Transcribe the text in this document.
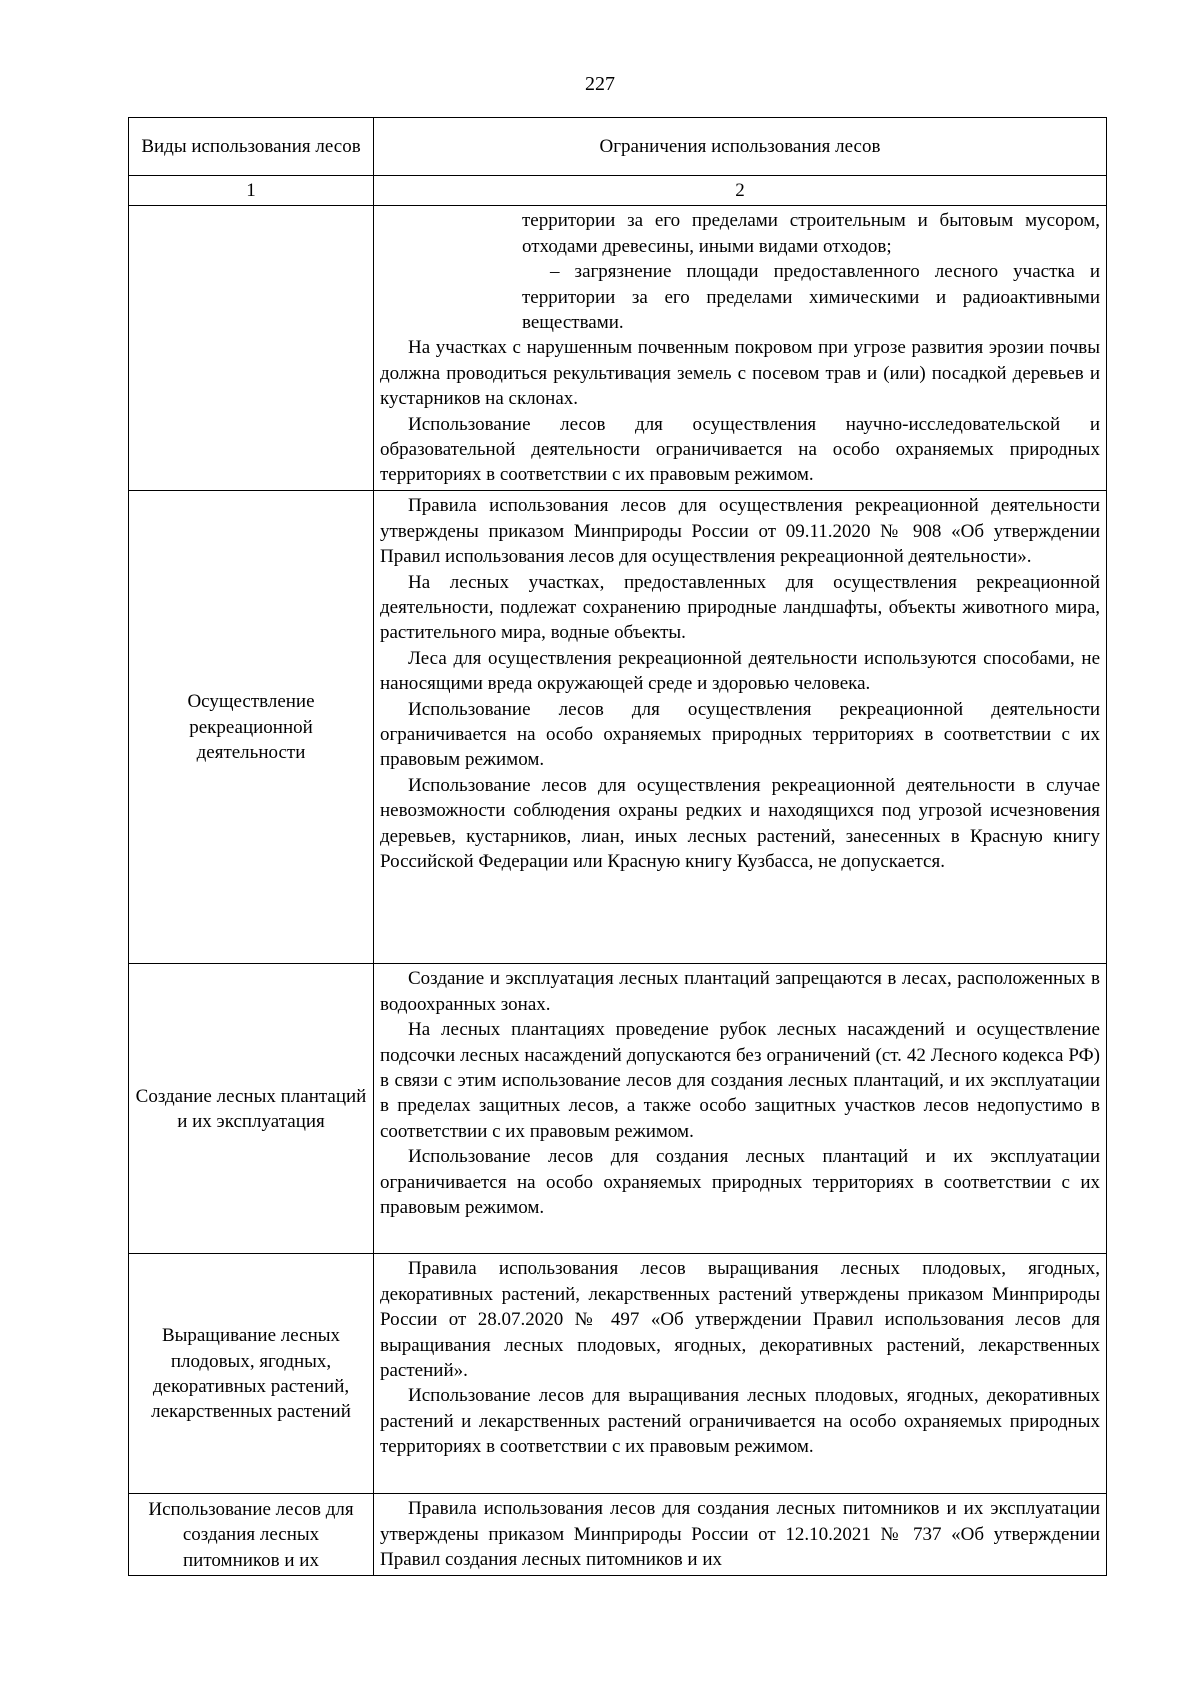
227
Виды использования лесов	Ограничения использования лесов
1	2

	территории за его пределами строительным и бытовым мусором, отходами древесины, иными видами отходов;

– загрязнение площади предоставленного лесного участка и территории за его пределами химическими и радиоактивными веществами.

На участках с нарушенным почвенным покровом при угрозе развития эрозии почвы должна проводиться рекультивация земель с посевом трав и (или) посадкой деревьев и кустарников на склонах.

Использование лесов для осуществления научно-исследовательской и образовательной деятельности ограничивается на особо охраняемых природных территориях в соответствии с их правовым режимом.

Осуществление рекреационной деятельности	Правила использования лесов для осуществления рекреационной деятельности утверждены приказом Минприроды России от 09.11.2020 № 908 «Об утверждении Правил использования лесов для осуществления рекреационной деятельности».

На лесных участках, предоставленных для осуществления рекреационной деятельности, подлежат сохранению природные ландшафты, объекты животного мира, растительного мира, водные объекты.

Леса для осуществления рекреационной деятельности используются способами, не наносящими вреда окружающей среде и здоровью человека.

Использование лесов для осуществления рекреационной деятельности ограничивается на особо охраняемых природных территориях в соответствии с их правовым режимом.

Использование лесов для осуществления рекреационной деятельности в случае невозможности соблюдения охраны редких и находящихся под угрозой исчезновения деревьев, кустарников, лиан, иных лесных растений, занесенных в Красную книгу Российской Федерации или Красную книгу Кузбасса, не допускается.

Создание лесных плантаций и их эксплуатация	Создание и эксплуатация лесных плантаций запрещаются в лесах, расположенных в водоохранных зонах.

На лесных плантациях проведение рубок лесных насаждений и осуществление подсочки лесных насаждений допускаются без ограничений (ст. 42 Лесного кодекса РФ) в связи с этим использование лесов для создания лесных плантаций, и их эксплуатации в пределах защитных лесов, а также особо защитных участков лесов недопустимо в соответствии с их правовым режимом.

Использование лесов для создания лесных плантаций и их эксплуатации ограничивается на особо охраняемых природных территориях в соответствии с их правовым режимом.

Выращивание лесных плодовых, ягодных, декоративных растений, лекарственных растений	Правила использования лесов выращивания лесных плодовых, ягодных, декоративных растений, лекарственных растений утверждены приказом Минприроды России от 28.07.2020 № 497 «Об утверждении Правил использования лесов для выращивания лесных плодовых, ягодных, декоративных растений, лекарственных растений».

Использование лесов для выращивания лесных плодовых, ягодных, декоративных растений и лекарственных растений ограничивается на особо охраняемых природных территориях в соответствии с их правовым режимом.

Использование лесов для создания лесных питомников и их	Правила использования лесов для создания лесных питомников и их эксплуатации утверждены приказом Минприроды России от 12.10.2021 № 737 «Об утверждении Правил создания лесных питомников и их
